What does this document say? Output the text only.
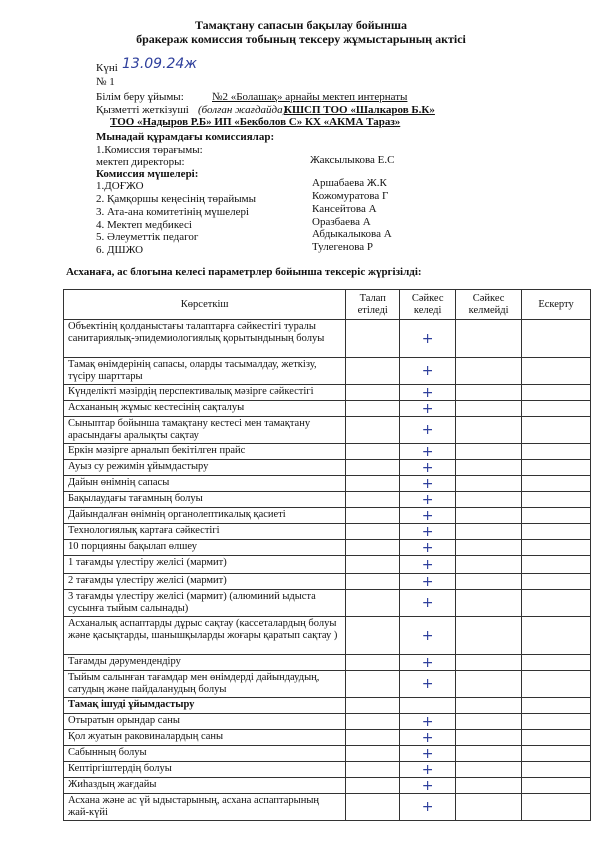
Тамақтану сапасын бақылау бойынша
бракераж комиссия тобының тексеру жұмыстарының актісі
Күні 13.09.24ж
№ 1
Білім беру ұйымы:	№2 «Болашақ» арнайы мектеп интернаты
Қызметті жеткізуші (болған жағдайда)
КШСП ТОО «Шалкаров Б.К»
ТОО «Надыров Р.Б» ИП «Бекболов С» КХ «АКМА Тараз»
Мынадай құрамдағы комиссиялар:
1.Комиссия төрағымы:
мектеп директоры:	Жаксылыкова Е.С
Комиссия мүшелері:
1.ДОҒЖО	Аршабаева Ж.К
2. Қамқоршы кеңесінің төрайымы	Кожомуратова Г
3. Ата-ана комитетінің мүшелері	Кансейтова А
4. Мектеп медбикесі	Оразбаева А
5. Әлеуметтік педагог	Абдыкалыкова А
6. ДШЖО	Тулегенова Р
Асханаға, ас блогына келесі параметрлер бойынша тексеріс жүргізілді:
Көрсеткіш	Талап етіледі	Сәйкес келеді	Сәйкес келмейді	Ескерту
Объектінің қолданыстағы талаптарға сәйкестігі туралы санитариялық-эпидемиологиялық қорытындының болуы		+		
Тамақ өнімдерінің сапасы, оларды тасымалдау, жеткізу, түсіру шарттары		+		
Күнделікті мәзірдің перспективалық мәзірге сәйкестігі		+		
Асхананың жұмыс кестесінің сақталуы		+		
Сыныптар бойынша тамақтану кестесі мен тамақтану арасындағы аралықты сақтау		+		
Еркін мәзірге арналып бекітілген прайс		+		
Ауыз су режимін ұйымдастыру		+		
Дайын өнімнің сапасы		+		
Бақылаудағы тағамның болуы		+		
Дайындалған өнімнің органолептикалық қасиеті		+		
Технологиялық картаға сәйкестігі		+		
10 порцияны бақылап өлшеу		+		
1 тағамды үлестіру желісі (мармит)		+		
2 тағамды үлестіру желісі (мармит)		+		
3 тағамды үлестіру желісі (мармит) (алюминий ыдыста сусынға тыйым салынады)		+		
Асханалық аспаптарды дұрыс сақтау (кассеталардың болуы және қасықтарды, шанышқыларды жоғары қаратып сақтау )		+		
Тағамды дәрумендендіру		+		
Тыйым салынған тағамдар мен өнімдерді дайындаудың, сатудың және пайдаланудың болуы		+		
Тамақ ішуді ұйымдастыру				
Отыратын орындар саны		+		
Қол жуатын раковиналардың саны		+		
Сабынның болуы		+		
Кептіргіштердің болуы		+		
Жиһаздың жағдайы		+		
Асхана және ас үй ыдыстарының, асхана аспаптарының жай-күйі		+		
